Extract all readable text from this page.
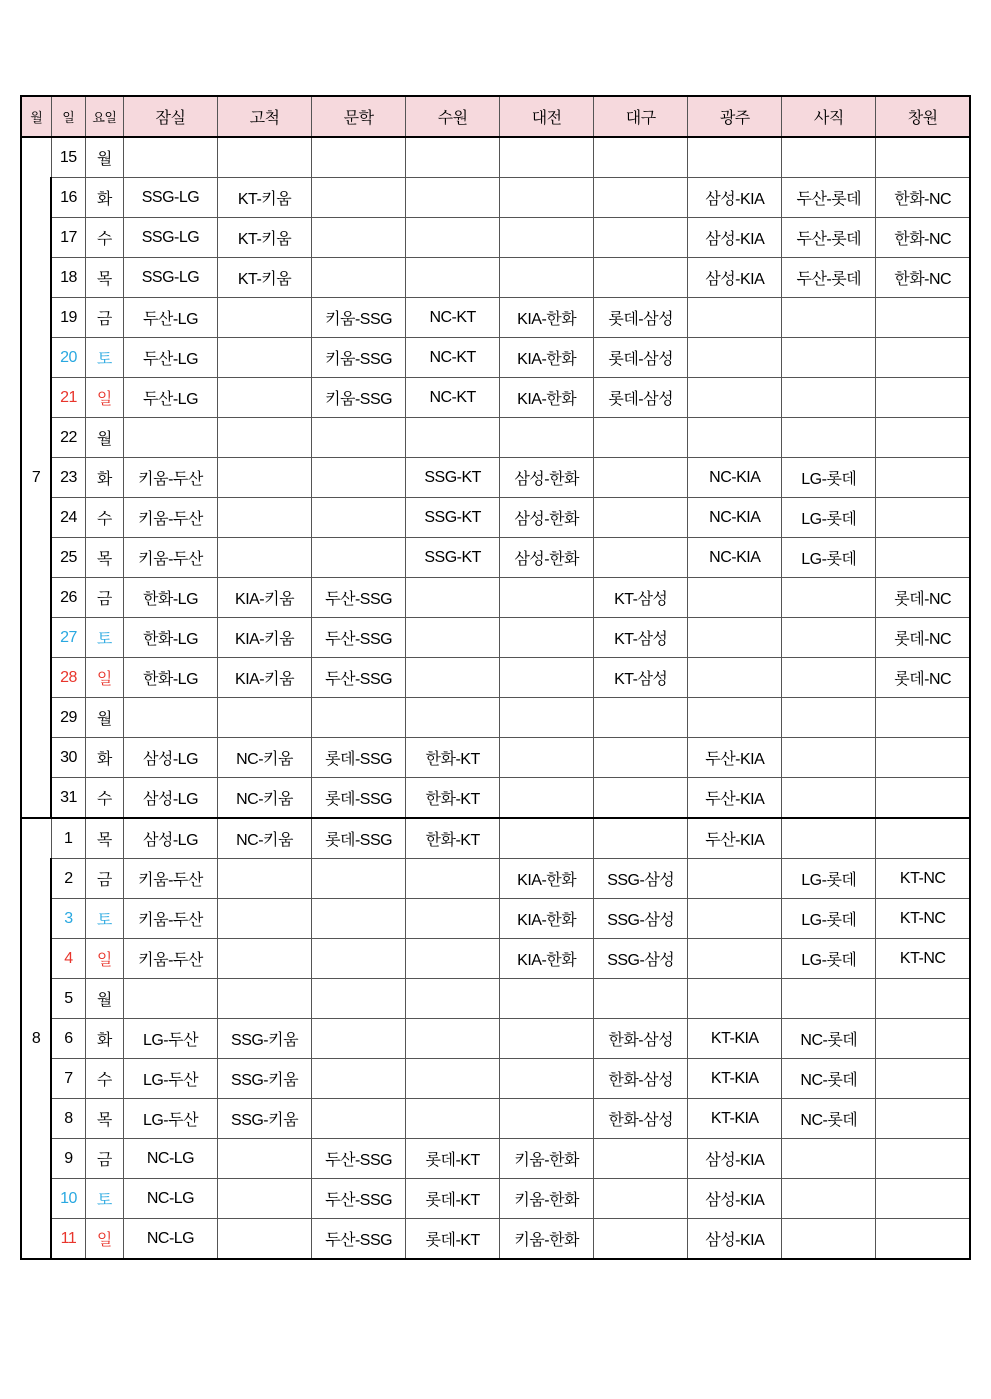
월	일	요일	잠실	고척	문학	수원	대전	대구	광주	사직	창원
7	15	월									
	16	화	SSG-LG	KT-키움					삼성-KIA	두산-롯데	한화-NC
	17	수	SSG-LG	KT-키움					삼성-KIA	두산-롯데	한화-NC
	18	목	SSG-LG	KT-키움					삼성-KIA	두산-롯데	한화-NC
	19	금	두산-LG		키움-SSG	NC-KT	KIA-한화	롯데-삼성			
	20	토	두산-LG		키움-SSG	NC-KT	KIA-한화	롯데-삼성			
	21	일	두산-LG		키움-SSG	NC-KT	KIA-한화	롯데-삼성			
	22	월									
	23	화	키움-두산			SSG-KT	삼성-한화		NC-KIA	LG-롯데	
	24	수	키움-두산			SSG-KT	삼성-한화		NC-KIA	LG-롯데	
	25	목	키움-두산			SSG-KT	삼성-한화		NC-KIA	LG-롯데	
	26	금	한화-LG	KIA-키움	두산-SSG			KT-삼성			롯데-NC
	27	토	한화-LG	KIA-키움	두산-SSG			KT-삼성			롯데-NC
	28	일	한화-LG	KIA-키움	두산-SSG			KT-삼성			롯데-NC
	29	월									
	30	화	삼성-LG	NC-키움	롯데-SSG	한화-KT			두산-KIA		
	31	수	삼성-LG	NC-키움	롯데-SSG	한화-KT			두산-KIA		
8	1	목	삼성-LG	NC-키움	롯데-SSG	한화-KT			두산-KIA		
	2	금	키움-두산				KIA-한화	SSG-삼성		LG-롯데	KT-NC
	3	토	키움-두산				KIA-한화	SSG-삼성		LG-롯데	KT-NC
	4	일	키움-두산				KIA-한화	SSG-삼성		LG-롯데	KT-NC
	5	월									
	6	화	LG-두산	SSG-키움				한화-삼성	KT-KIA	NC-롯데	
	7	수	LG-두산	SSG-키움				한화-삼성	KT-KIA	NC-롯데	
	8	목	LG-두산	SSG-키움				한화-삼성	KT-KIA	NC-롯데	
	9	금	NC-LG		두산-SSG	롯데-KT	키움-한화		삼성-KIA		
	10	토	NC-LG		두산-SSG	롯데-KT	키움-한화		삼성-KIA		
	11	일	NC-LG		두산-SSG	롯데-KT	키움-한화		삼성-KIA		
